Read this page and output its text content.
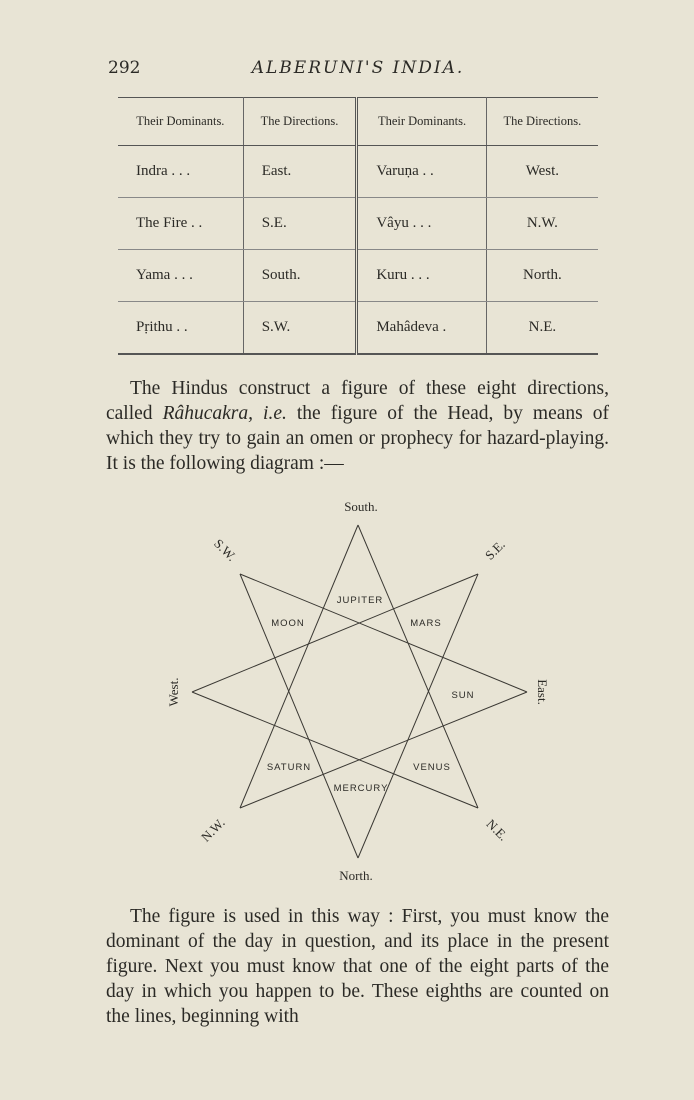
292	ALBERUNI'S INDIA.
Their Dominants.	The Directions.	Their Dominants.	The Directions.
Indra . . .	East.	Varuṇa . .	West.
The Fire . .	S.E.	Vâyu . . .	N.W.
Yama . . .	South.	Kuru . . .	North.
Pṛithu . .	S.W.	Mahâdeva .	N.E.

The Hindus construct a figure of these eight directions, called Râhucakra, i.e. the figure of the Head, by means of which they try to gain an omen or prophecy for hazard-playing. It is the following diagram :—

South.
North.
East.
West.
S.E.
S.W.
N.E.
N.W.
JUPITER
MOON	MARS
SUN
SATURN	VENUS
MERCURY

The figure is used in this way : First, you must know the dominant of the day in question, and its place in the present figure. Next you must know that one of the eight parts of the day in which you happen to be. These eighths are counted on the lines, beginning with
